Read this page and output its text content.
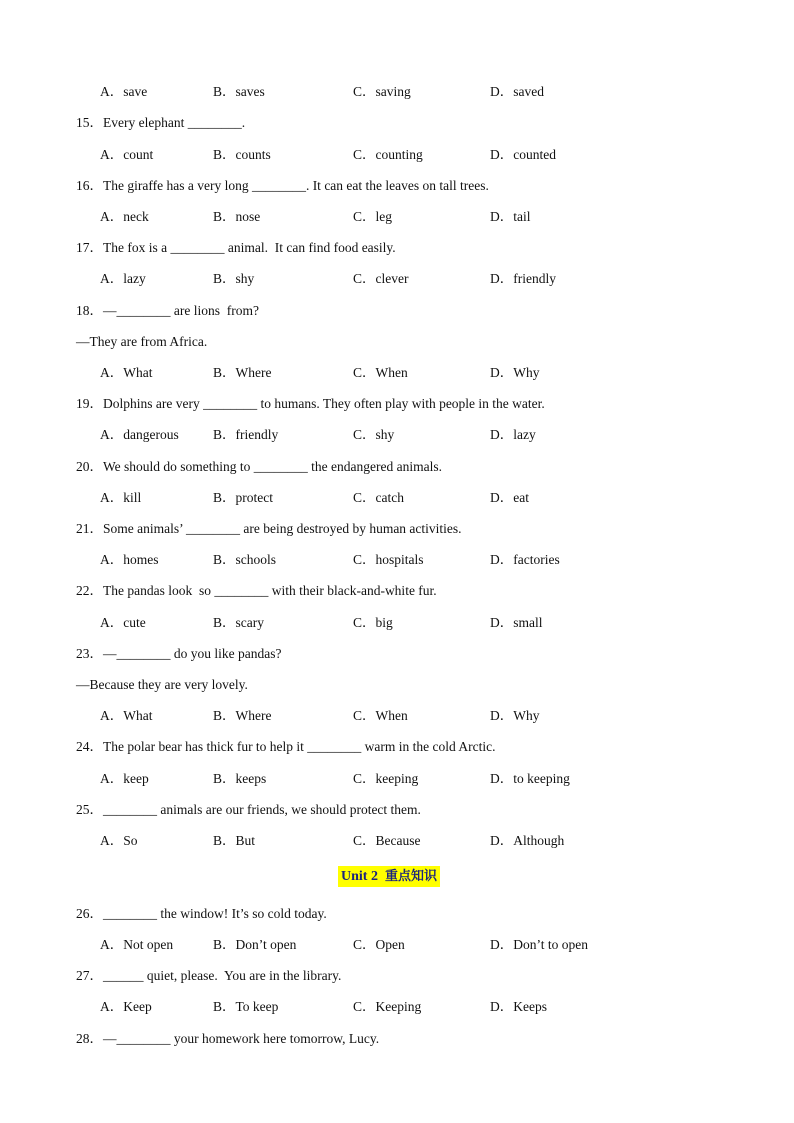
A．save	B．saves	C．saving	D．saved
15．Every elephant ________.
A．count	B．counts	C．counting	D．counted
16．The giraffe has a very long ________. It can eat the leaves on tall trees.
A．neck	B．nose	C．leg	D．tail
17．The fox is a ________ animal.  It can find food easily.
A．lazy	B．shy	C．clever	D．friendly
18．—________ are lions  from?
—They are from Africa.
A．What	B．Where	C．When	D．Why
19．Dolphins are very ________ to humans. They often play with people in the water.
A．dangerous	B．friendly	C．shy	D．lazy
20．We should do something to ________ the endangered animals.
A．kill	B．protect	C．catch	D．eat
21．Some animals’ ________ are being destroyed by human activities.
A．homes	B．schools	C．hospitals	D．factories
22．The pandas look  so ________ with their black-and-white fur.
A．cute	B．scary	C．big	D．small
23．—________ do you like pandas?
—Because they are very lovely.
A．What	B．Where	C．When	D．Why
24．The polar bear has thick fur to help it ________ warm in the cold Arctic.
A．keep	B．keeps	C．keeping	D．to keeping
25．________ animals are our friends, we should protect them.
A．So	B．But	C．Because	D．Although
Unit 2 重点知识
26．________ the window! It’s so cold today.
A．Not open	B．Don’t open	C．Open	D．Don’t to open
27．______ quiet, please.  You are in the library.
A．Keep	B．To keep	C．Keeping	D．Keeps
28．—________ your homework here tomorrow, Lucy.
